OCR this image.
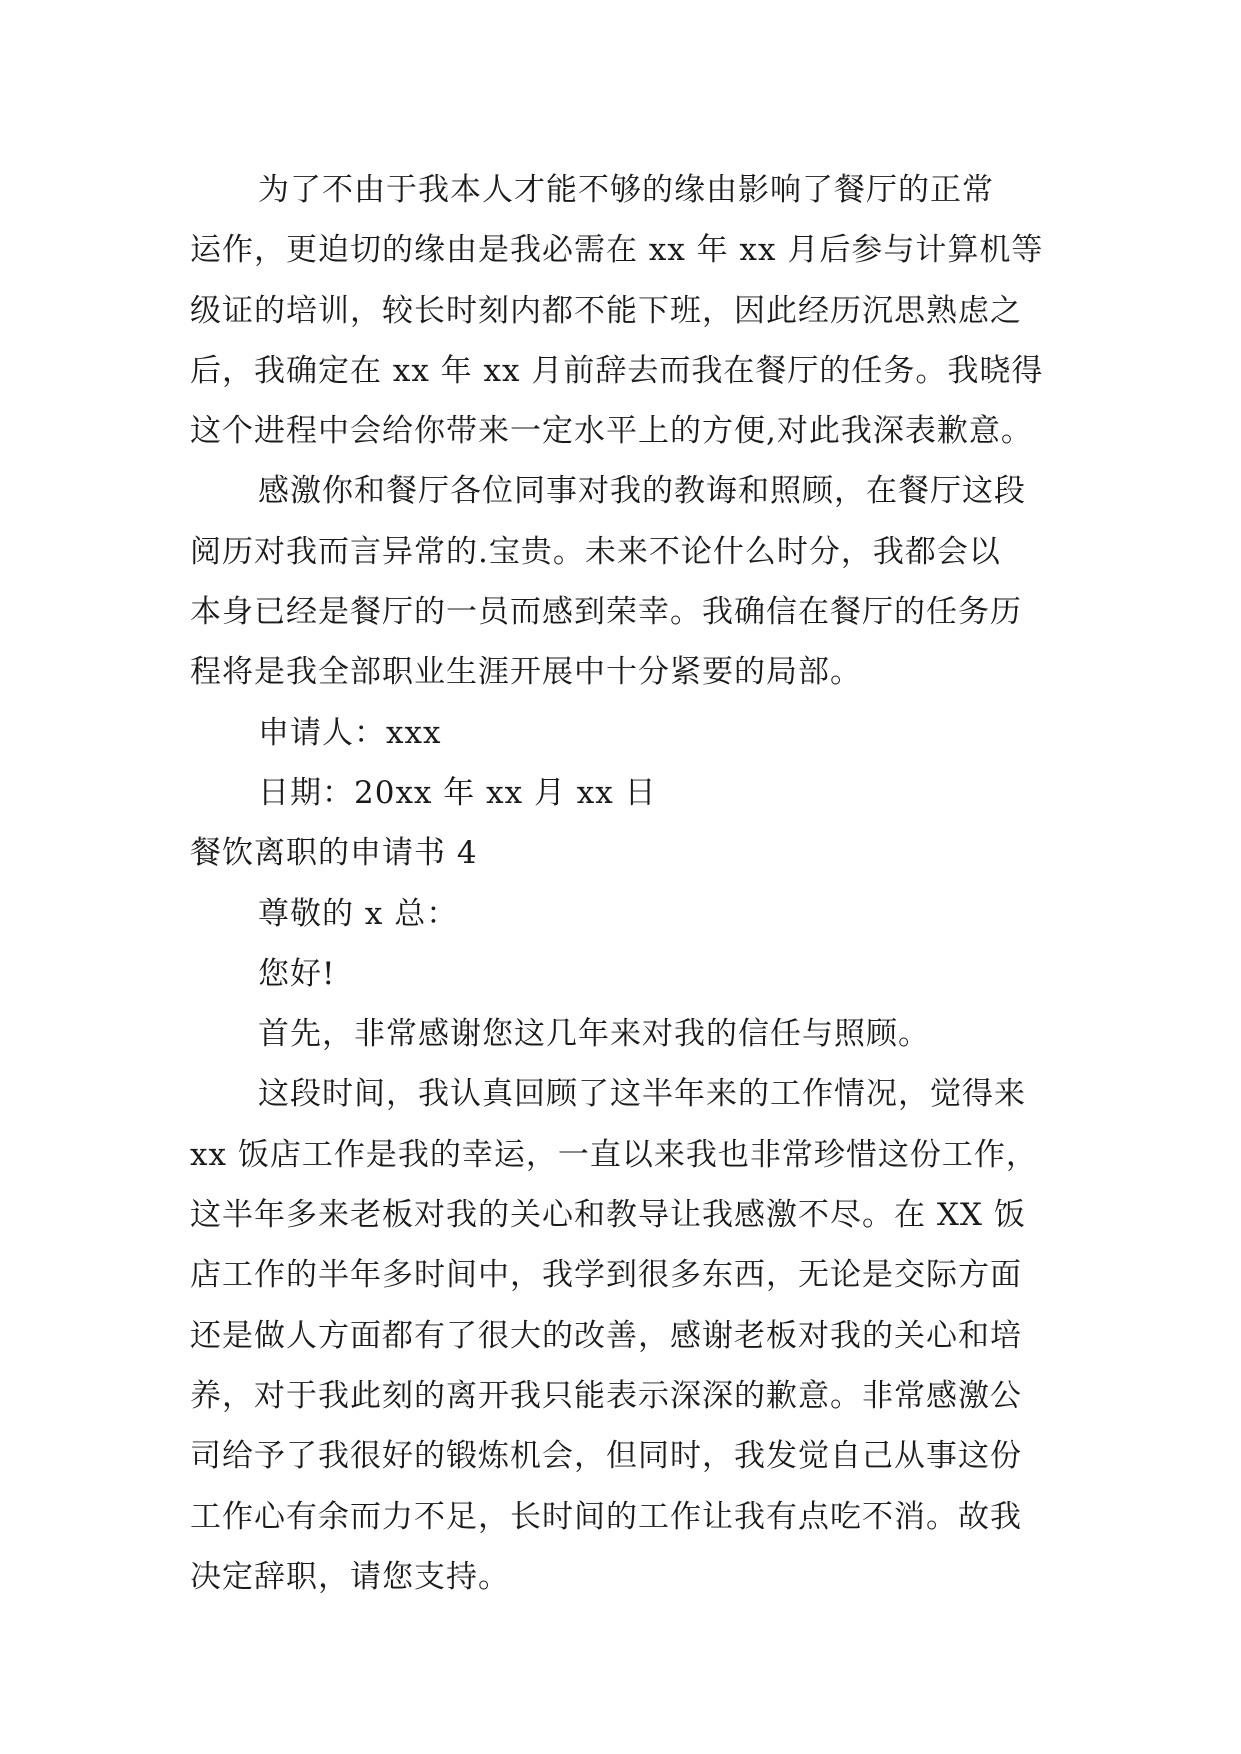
为了不由于我本人才能不够的缘由影响了餐厅的正常
运作，更迫切的缘由是我必需在 xx 年 xx 月后参与计算机等
级证的培训，较长时刻内都不能下班，因此经历沉思熟虑之
后，我确定在 xx 年 xx 月前辞去而我在餐厅的任务。我晓得
这个进程中会给你带来一定水平上的方便,对此我深表歉意。
感激你和餐厅各位同事对我的教诲和照顾，在餐厅这段
阅历对我而言异常的.宝贵。未来不论什么时分，我都会以
本身已经是餐厅的一员而感到荣幸。我确信在餐厅的任务历
程将是我全部职业生涯开展中十分紧要的局部。
申请人：xxx
日期：20xx 年 xx 月 xx 日
餐饮离职的申请书 4
尊敬的 x 总：
您好!
首先，非常感谢您这几年来对我的信任与照顾。
这段时间，我认真回顾了这半年来的工作情况，觉得来
xx 饭店工作是我的幸运，一直以来我也非常珍惜这份工作，
这半年多来老板对我的关心和教导让我感激不尽。在 XX 饭
店工作的半年多时间中，我学到很多东西，无论是交际方面
还是做人方面都有了很大的改善，感谢老板对我的关心和培
养，对于我此刻的离开我只能表示深深的歉意。非常感激公
司给予了我很好的锻炼机会，但同时，我发觉自己从事这份
工作心有余而力不足，长时间的工作让我有点吃不消。故我
决定辞职，请您支持。
